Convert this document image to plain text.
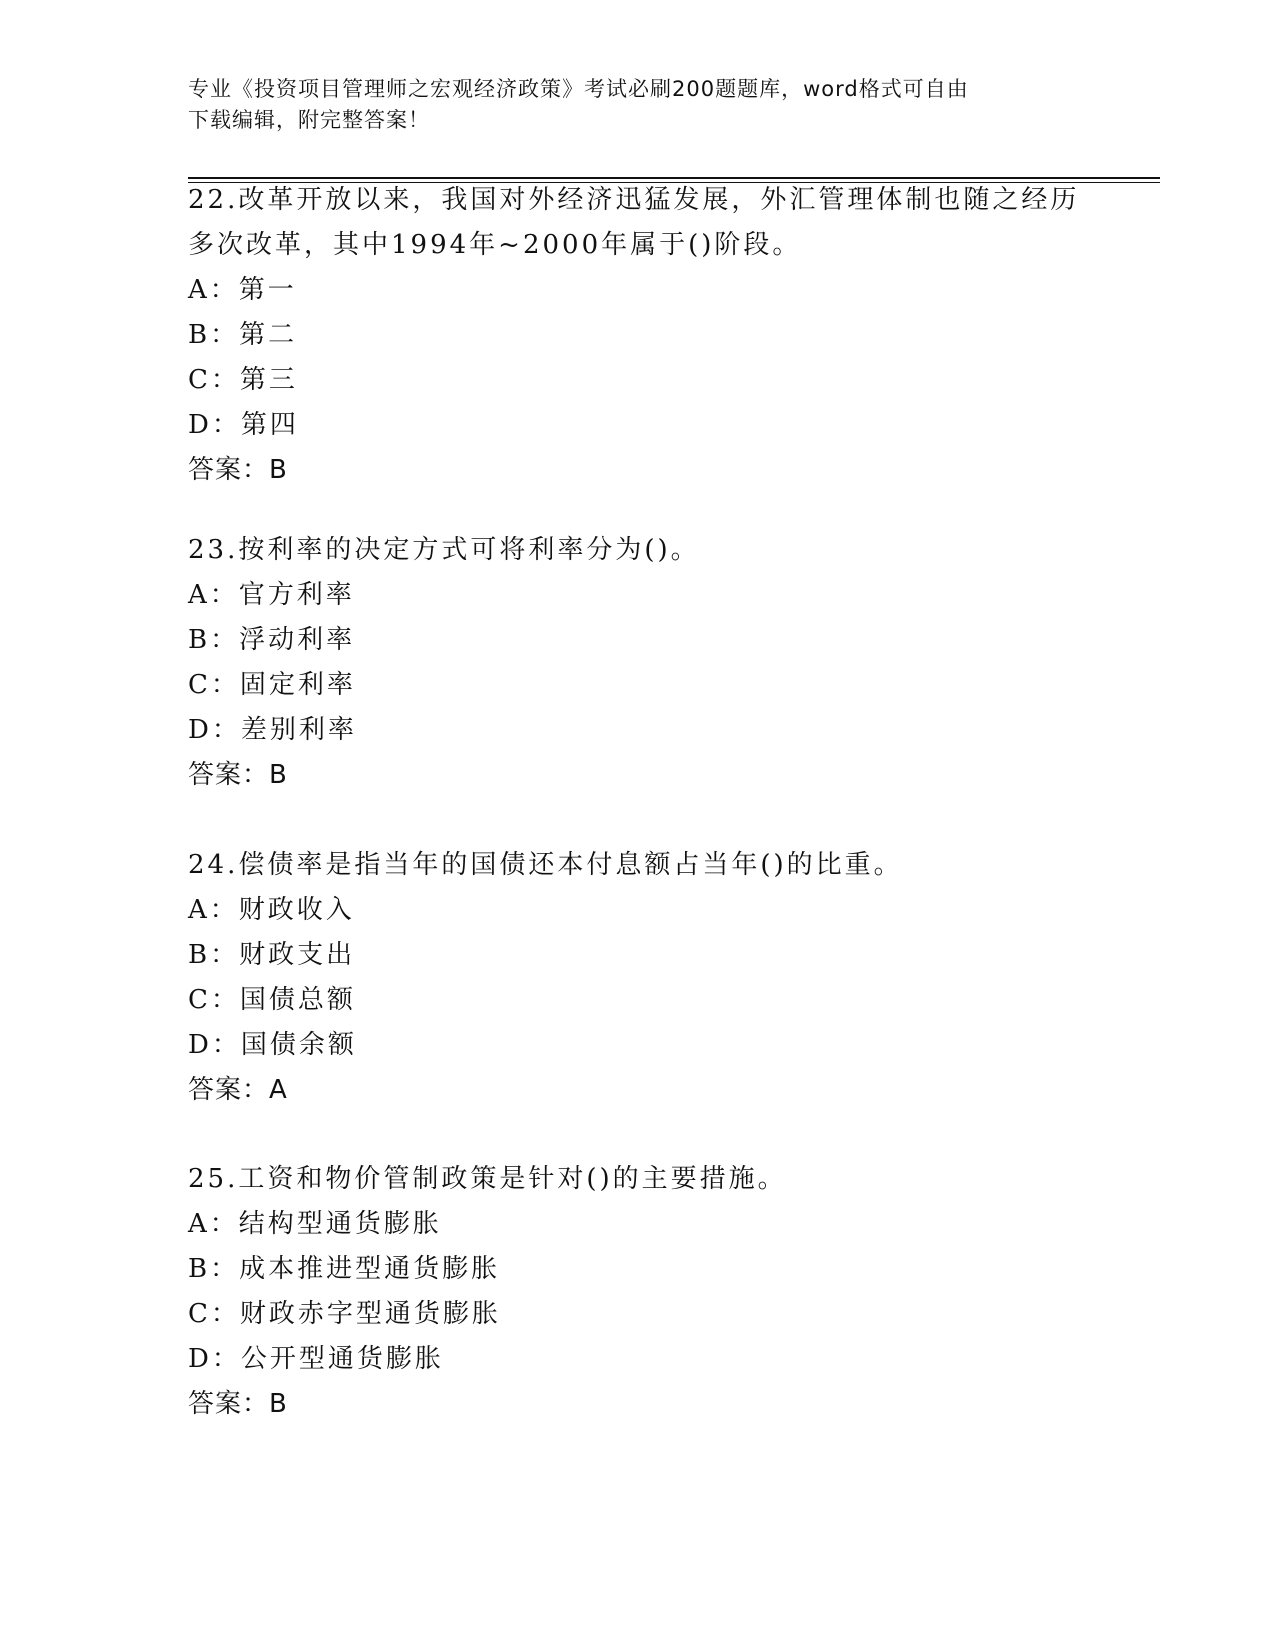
专业《投资项目管理师之宏观经济政策》考试必刷200题题库，word格式可自由
下载编辑，附完整答案！

22.改革开放以来，我国对外经济迅猛发展，外汇管理体制也随之经历

多次改革，其中1994年~2000年属于()阶段。

A：第一

B：第二

C：第三

D：第四

答案：B

23.按利率的决定方式可将利率分为()。

A：官方利率

B：浮动利率

C：固定利率

D：差别利率

答案：B

24.偿债率是指当年的国债还本付息额占当年()的比重。

A：财政收入

B：财政支出

C：国债总额

D：国债余额

答案：A

25.工资和物价管制政策是针对()的主要措施。

A：结构型通货膨胀

B：成本推进型通货膨胀

C：财政赤字型通货膨胀

D：公开型通货膨胀

答案：B
